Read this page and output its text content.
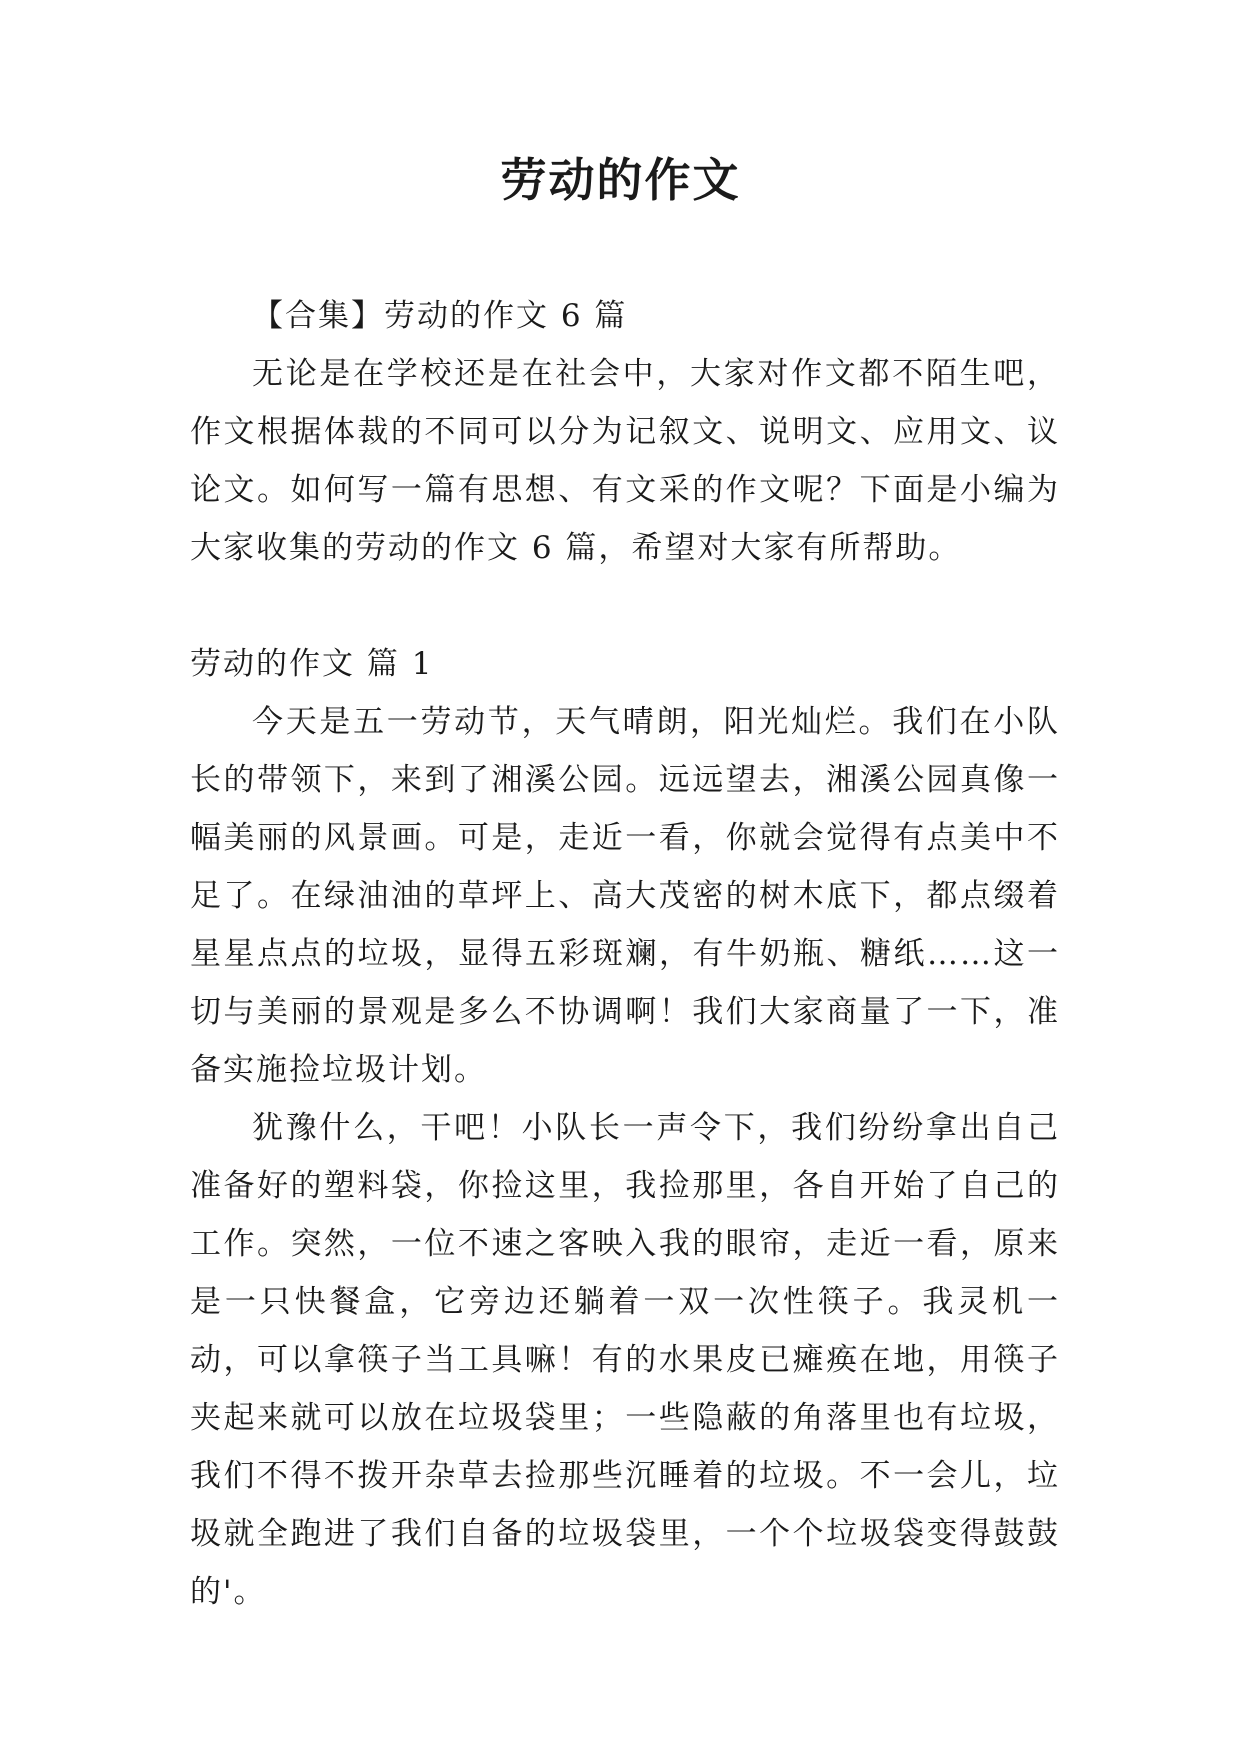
劳动的作文

【合集】劳动的作文 6 篇

无论是在学校还是在社会中，大家对作文都不陌生吧，作文根据体裁的不同可以分为记叙文、说明文、应用文、议论文。如何写一篇有思想、有文采的作文呢？下面是小编为大家收集的劳动的作文 6 篇，希望对大家有所帮助。

劳动的作文 篇 1

今天是五一劳动节，天气晴朗，阳光灿烂。我们在小队长的带领下，来到了湘溪公园。远远望去，湘溪公园真像一幅美丽的风景画。可是，走近一看，你就会觉得有点美中不足了。在绿油油的草坪上、高大茂密的树木底下，都点缀着星星点点的垃圾，显得五彩斑斓，有牛奶瓶、糖纸……这一切与美丽的景观是多么不协调啊！我们大家商量了一下，准备实施捡垃圾计划。

犹豫什么，干吧！小队长一声令下，我们纷纷拿出自己准备好的塑料袋，你捡这里，我捡那里，各自开始了自己的工作。突然，一位不速之客映入我的眼帘，走近一看，原来是一只快餐盒，它旁边还躺着一双一次性筷子。我灵机一动，可以拿筷子当工具嘛！有的水果皮已瘫痪在地，用筷子夹起来就可以放在垃圾袋里；一些隐蔽的角落里也有垃圾，我们不得不拨开杂草去捡那些沉睡着的垃圾。不一会儿，垃圾就全跑进了我们自备的垃圾袋里，一个个垃圾袋变得鼓鼓的'。
